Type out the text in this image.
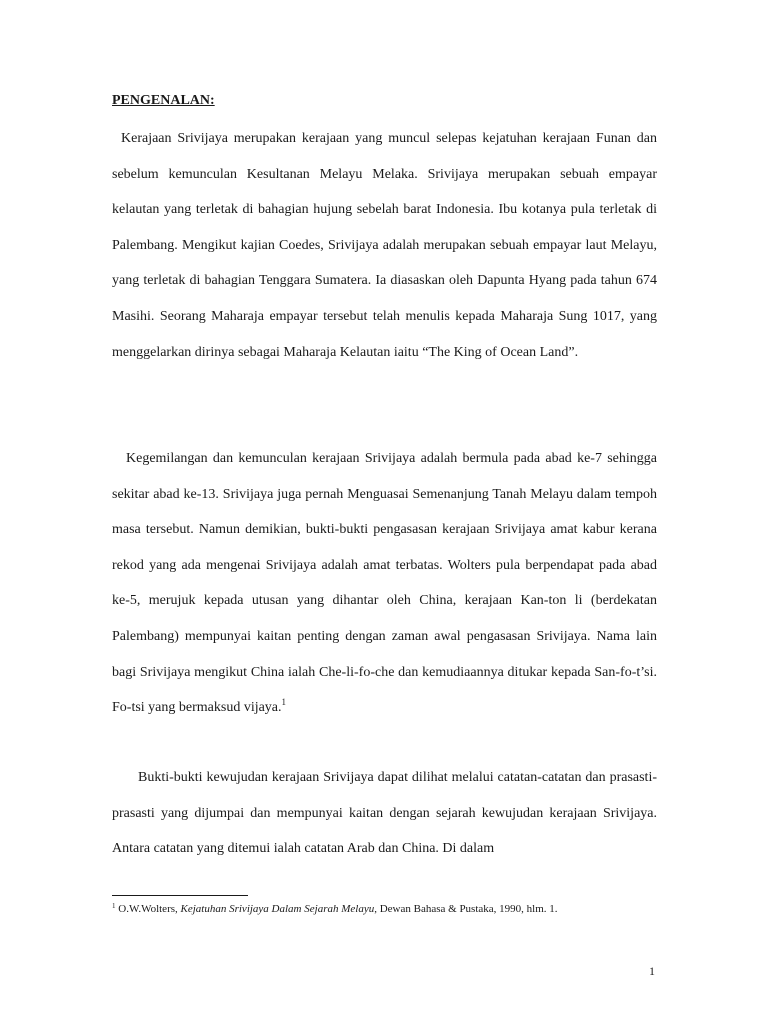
PENGENALAN:

Kerajaan Srivijaya merupakan kerajaan yang muncul selepas kejatuhan kerajaan Funan dan sebelum kemunculan Kesultanan Melayu Melaka. Srivijaya merupakan sebuah empayar kelautan yang terletak di bahagian hujung sebelah barat Indonesia. Ibu kotanya pula terletak di Palembang. Mengikut kajian Coedes, Srivijaya adalah merupakan sebuah empayar laut Melayu, yang terletak di bahagian Tenggara Sumatera. Ia diasaskan oleh Dapunta Hyang pada tahun 674 Masihi. Seorang Maharaja empayar tersebut telah menulis kepada Maharaja Sung 1017, yang menggelarkan dirinya sebagai Maharaja Kelautan iaitu “The King of Ocean Land”.

Kegemilangan dan kemunculan kerajaan Srivijaya adalah bermula pada abad ke-7 sehingga sekitar abad ke-13. Srivijaya juga pernah Menguasai Semenanjung Tanah Melayu dalam tempoh masa tersebut. Namun demikian, bukti-bukti pengasasan kerajaan Srivijaya amat kabur kerana rekod yang ada mengenai Srivijaya adalah amat terbatas. Wolters pula berpendapat pada abad ke-5, merujuk kepada utusan yang dihantar oleh China, kerajaan Kan-ton li (berdekatan Palembang) mempunyai kaitan penting dengan zaman awal pengasasan Srivijaya. Nama lain bagi Srivijaya mengikut China ialah Che-li-fo-che dan kemudiaannya ditukar kepada San-fo-t’si. Fo-tsi yang bermaksud vijaya.$^1$

Bukti-bukti kewujudan kerajaan Srivijaya dapat dilihat melalui catatan-catatan dan prasasti-prasasti yang dijumpai dan mempunyai kaitan dengan sejarah kewujudan kerajaan Srivijaya. Antara catatan yang ditemui ialah catatan Arab dan China. Di dalam

$^1$ O.W.Wolters, Kejatuhan Srivijaya Dalam Sejarah Melayu, Dewan Bahasa & Pustaka, 1990, hlm. 1.

1
